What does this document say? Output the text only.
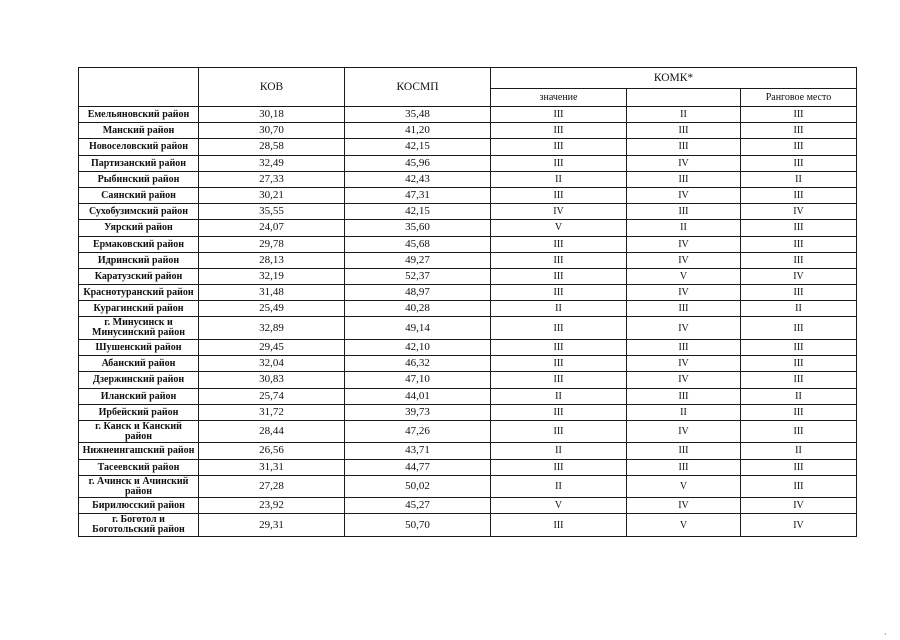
	КОВ	КОСМП	КОМК*		
			значение		Ранговое место
Емельяновский район	30,18	35,48	III	II	III
Манский район	30,70	41,20	III	III	III
Новоселовский район	28,58	42,15	III	III	III
Партизанский район	32,49	45,96	III	IV	III
Рыбинский район	27,33	42,43	II	III	II
Саянский район	30,21	47,31	III	IV	III
Сухобузимский район	35,55	42,15	IV	III	IV
Уярский район	24,07	35,60	V	II	III
Ермаковский район	29,78	45,68	III	IV	III
Идринский район	28,13	49,27	III	IV	III
Каратузский район	32,19	52,37	III	V	IV
Краснотуранский район	31,48	48,97	III	IV	III
Курагинский район	25,49	40,28	II	III	II
г. Минусинск и Минусинский район	32,89	49,14	III	IV	III
Шушенский район	29,45	42,10	III	III	III
Абанский район	32,04	46,32	III	IV	III
Дзержинский район	30,83	47,10	III	IV	III
Иланский район	25,74	44,01	II	III	II
Ирбейский район	31,72	39,73	III	II	III
г. Канск и Канский район	28,44	47,26	III	IV	III
Нижнеингашский район	26,56	43,71	II	III	II
Тасеевский район	31,31	44,77	III	III	III
г. Ачинск и Ачинский район	27,28	50,02	II	V	III
Бирилюсский район	23,92	45,27	V	IV	IV
г. Боготол и Боготольский район	29,31	50,70	III	V	IV
·
